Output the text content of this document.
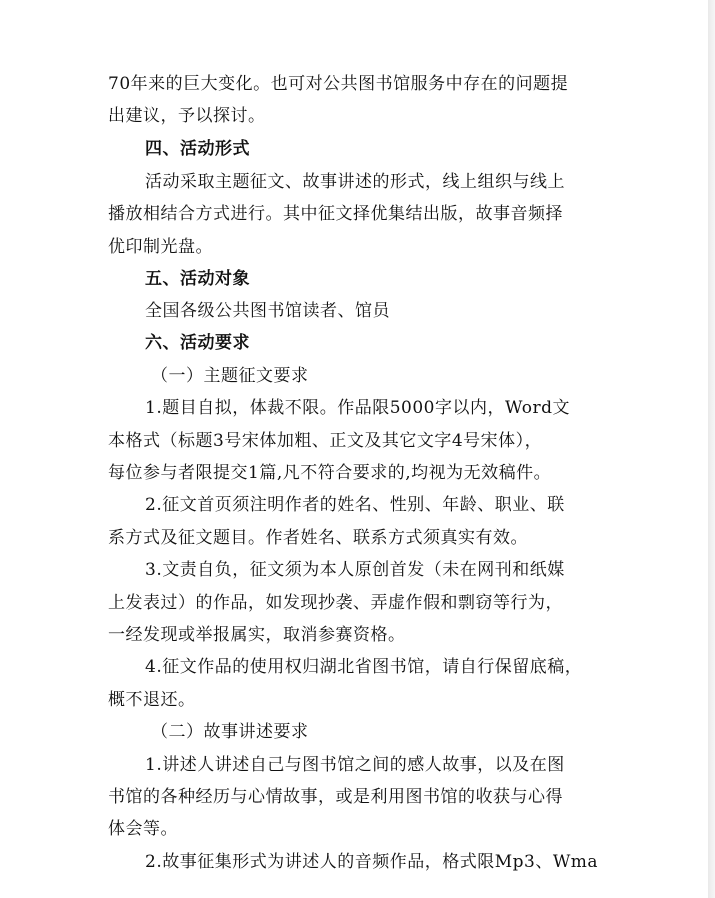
70年来的巨大变化。也可对公共图书馆服务中存在的问题提

出建议，予以探讨。

四、活动形式

活动采取主题征文、故事讲述的形式，线上组织与线上

播放相结合方式进行。其中征文择优集结出版，故事音频择

优印制光盘。

五、活动对象

全国各级公共图书馆读者、馆员

六、活动要求

（一）主题征文要求

1.题目自拟，体裁不限。作品限5000字以内，Word文

本格式（标题3号宋体加粗、正文及其它文字4号宋体），

每位参与者限提交1篇,凡不符合要求的,均视为无效稿件。

2.征文首页须注明作者的姓名、性别、年龄、职业、联

系方式及征文题目。作者姓名、联系方式须真实有效。

3.文责自负，征文须为本人原创首发（未在网刊和纸媒

上发表过）的作品，如发现抄袭、弄虚作假和剽窃等行为，

一经发现或举报属实，取消参赛资格。

4.征文作品的使用权归湖北省图书馆，请自行保留底稿，

概不退还。

（二）故事讲述要求

1.讲述人讲述自己与图书馆之间的感人故事，以及在图

书馆的各种经历与心情故事，或是利用图书馆的收获与心得

体会等。

2.故事征集形式为讲述人的音频作品，格式限Mp3、Wma
